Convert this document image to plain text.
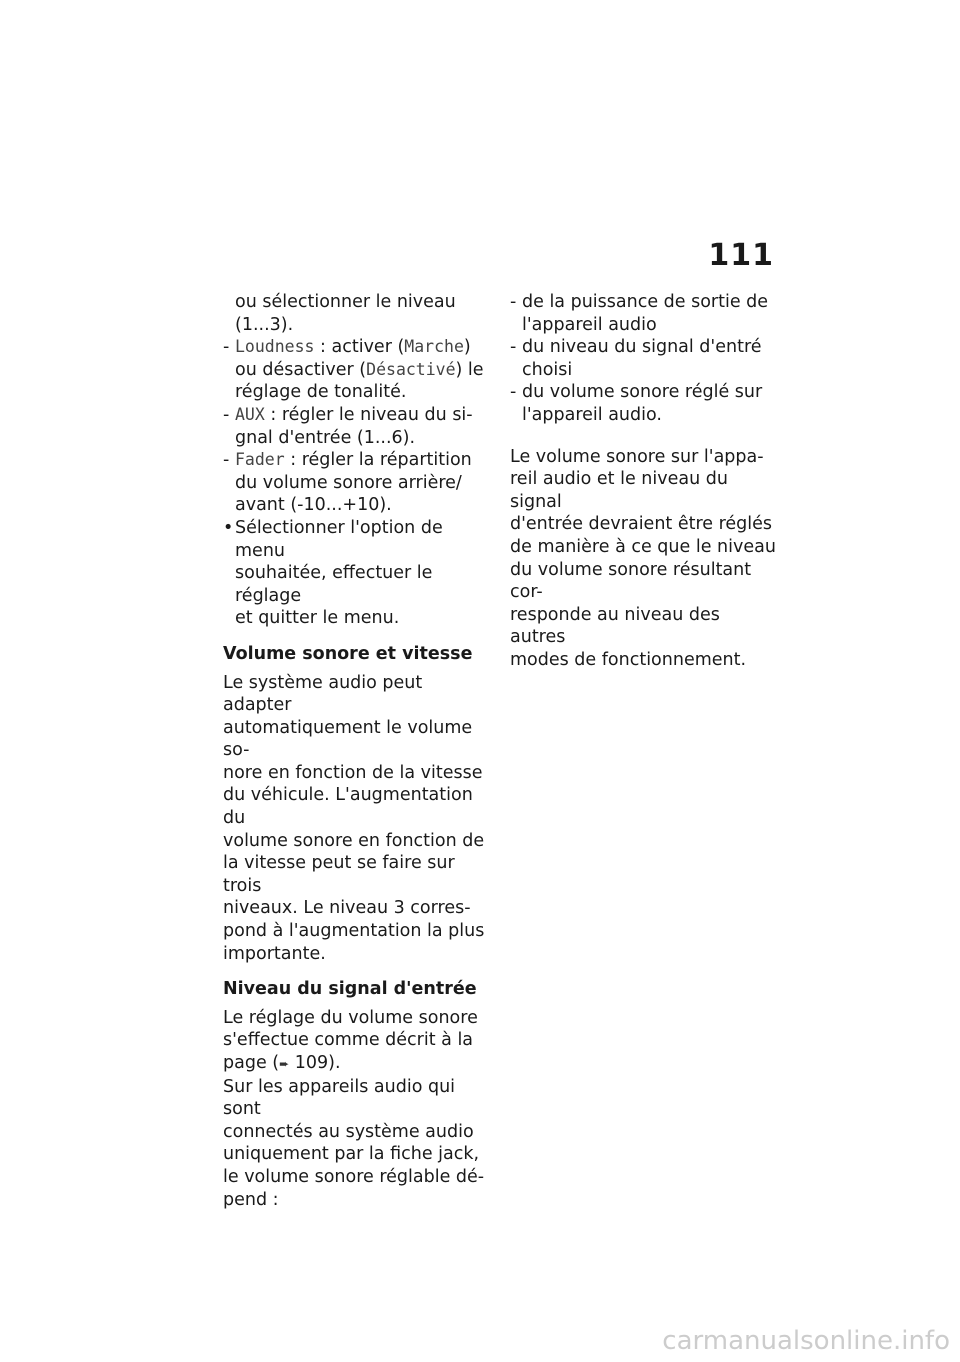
111
ou sélectionner le niveau
(1...3).
- Loudness : activer (Marche)
ou désactiver (Désactivé) le
réglage de tonalité.
- AUX : régler le niveau du si-
gnal d'entrée (1...6).
- Fader : régler la répartition
du volume sonore arrière/
avant (-10...+10).
• Sélectionner l'option de menu
souhaitée, effectuer le réglage
et quitter le menu.
Volume sonore et vitesse
Le système audio peut adapter
automatiquement le volume so-
nore en fonction de la vitesse
du véhicule. L'augmentation du
volume sonore en fonction de
la vitesse peut se faire sur trois
niveaux. Le niveau 3 corres-
pond à l'augmentation la plus
importante.
Niveau du signal d'entrée
Le réglage du volume sonore
s'effectue comme décrit à la
page (➨ 109).
Sur les appareils audio qui sont
connectés au système audio
uniquement par la fiche jack,
le volume sonore réglable dé-
pend :
- de la puissance de sortie de
l'appareil audio
- du niveau du signal d'entré
choisi
- du volume sonore réglé sur
l'appareil audio.
Le volume sonore sur l'appa-
reil audio et le niveau du signal
d'entrée devraient être réglés
de manière à ce que le niveau
du volume sonore résultant cor-
responde au niveau des autres
modes de fonctionnement.
carmanualsonline.info
